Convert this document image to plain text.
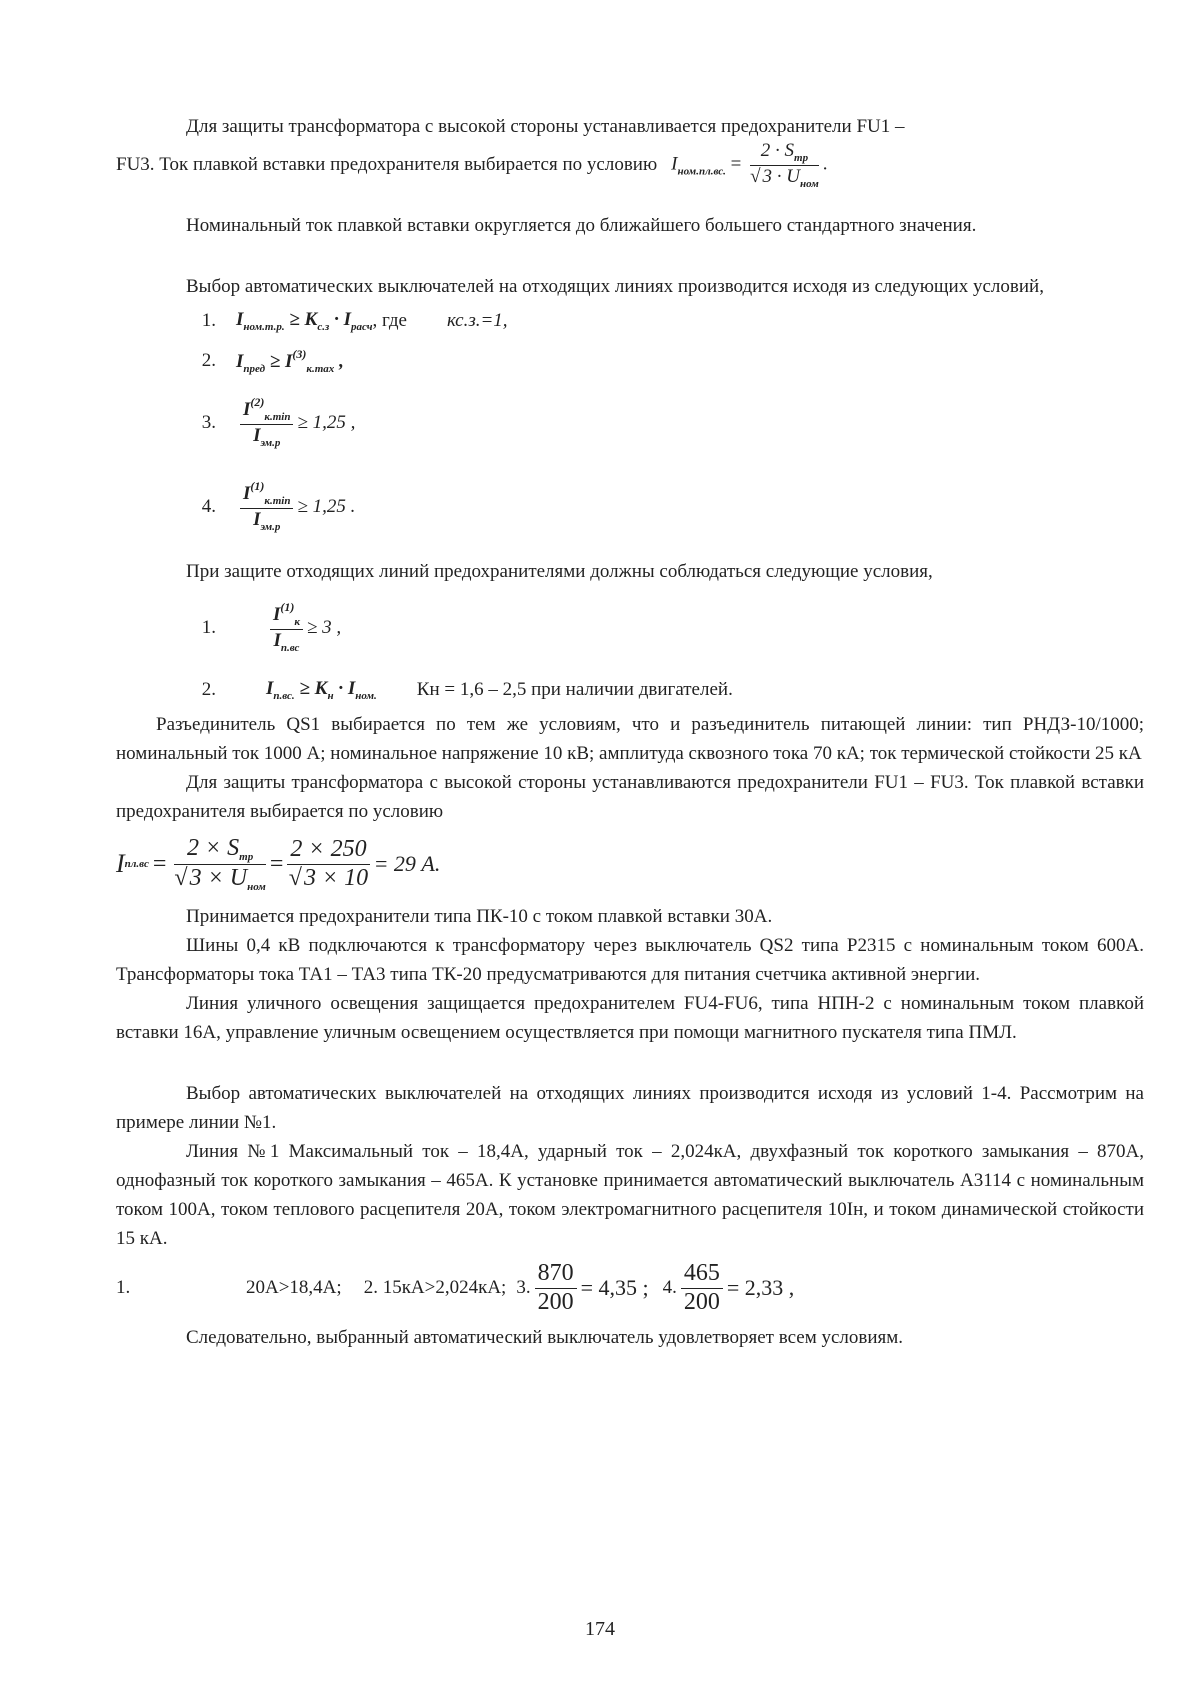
Для защиты трансформатора с высокой стороны устанавливается предохранители FU1 –

FU3. Ток плавкой вставки предохранителя выбирается по условию $I_{ном.пл.вс.}$ =
$2 \cdot S_{тр}$
√ $3 \cdot U_{ном}$
.

Номинальный ток плавкой вставки округляется до ближайшего большего стандартного значения.

Выбор автоматических выключателей на отходящих линиях производится исходя из следующих условий,

1.	$I_{ном.т.р.} \ge К_{с.з} \cdot I_{расч}$ , где кс.з.=1,
2.	$I_{пред} \ge I^{(3)}_{к.max}$ ,
3.
$I^{(2)}_{к.min}$
$I_{эм.р}$
≥ 1,25 ,
4.
$I^{(1)}_{к.min}$
$I_{эм.р}$
≥ 1,25 .

При защите отходящих линий предохранителями должны соблюдаться следующие условия,

1.
$I^{(1)}_к$
$I_{п.вс}$
≥ 3 ,
2.	$I_{п.вс.} \ge К_н \cdot I_{ном.}$ Кн = 1,6 – 2,5 при наличии двигателей.

Разъединитель QS1 выбирается по тем же условиям, что и разъединитель питающей линии: тип РНДЗ-10/1000; номинальный ток 1000 А; номинальное напряжение 10 кВ; амплитуда сквозного тока 70 кА; ток термической стойкости 25 кА

Для защиты трансформатора с высокой стороны устанавливаются предохранители FU1 – FU3. Ток плавкой вставки предохранителя выбирается по условию

I пл.вс =
$2 \times S_{тр}$
$√3 \times U_{ном}$
= $\frac{2 \times 250}{√3 \times 10} = 29$ А.

Принимается предохранители типа ПК-10 с током плавкой вставки 30А.

Шины 0,4 кВ подключаются к трансформатору через выключатель QS2 типа Р2315 с номинальным током 600А. Трансформаторы тока ТА1 – ТА3 типа ТК-20 предусматриваются для питания счетчика активной энергии.

Линия уличного освещения защищается предохранителем FU4-FU6, типа НПН-2 с номинальным током плавкой вставки 16А, управление уличным освещением осуществляется при помощи магнитного пускателя типа ПМЛ.

Выбор автоматических выключателей на отходящих линиях производится исходя из условий 1-4. Рассмотрим на примере линии №1.

Линия №1 Максимальный ток – 18,4А, ударный ток – 2,024кА, двухфазный ток короткого замыкания – 870А, однофазный ток короткого замыкания – 465А. К установке принимается автоматический выключатель А3114 с номинальным током 100А, током теплового расцепителя 20А, током электромагнитного расцепителя 10Iн, и током динамической стойкости 15 кА.

1.	20А>18,4А; 2. 15кА>2,024кА; 3. $\frac{870}{200} = 4,35$ ; 4. $\frac{465}{200} = 2,33$ ,

Следовательно, выбранный автоматический выключатель удовлетворяет всем условиям.

174
